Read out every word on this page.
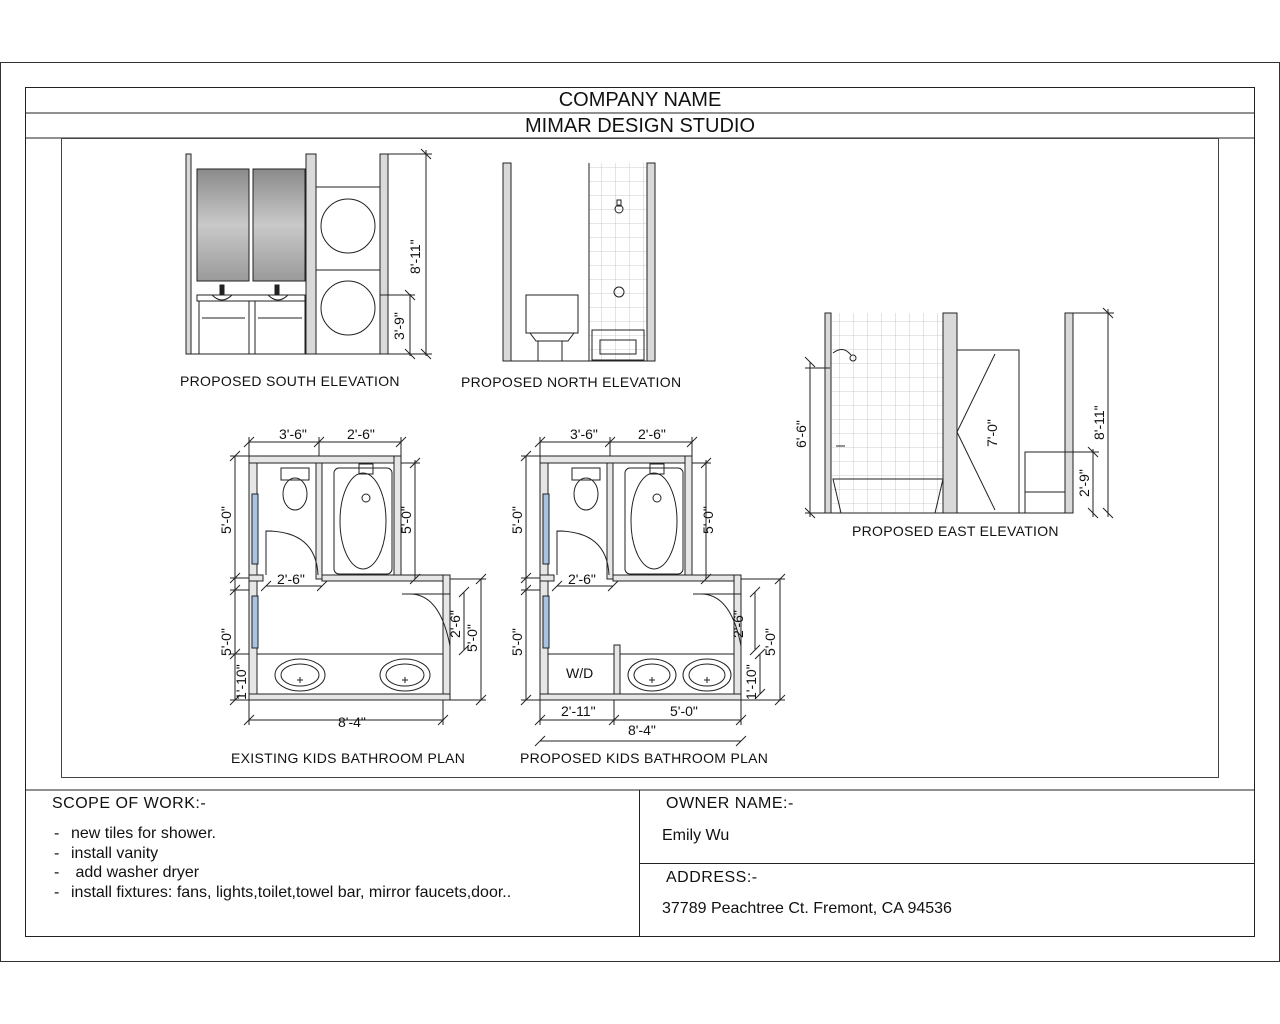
8'-11"
3'-9"
6'-6"	7'-0"	8'-11"
2'-9"
3'-6"	2'-6"
5'-0"	5'-0"
2'-6"
2'-6"
5'-0"	5'-0"
1'-10"
8'-4"
3'-6"	2'-6"
5'-0"	5'-0"
2'-6"
2'-6"
5'-0"	5'-0"
1'-10"
2'-11"	5'-0"
8'-4"
W/D
COMPANY NAME
MIMAR DESIGN STUDIO
PROPOSED SOUTH ELEVATION	PROPOSED NORTH ELEVATION
PROPOSED EAST ELEVATION
EXISTING KIDS BATHROOM PLAN	PROPOSED KIDS BATHROOM PLAN
SCOPE OF WORK:-
- new tiles for shower.
- install vanity
- add washer dryer
- install fixtures: fans, lights,toilet,towel bar, mirror faucets,door..
OWNER NAME:-
Emily Wu
ADDRESS:-
37789 Peachtree Ct. Fremont, CA 94536
